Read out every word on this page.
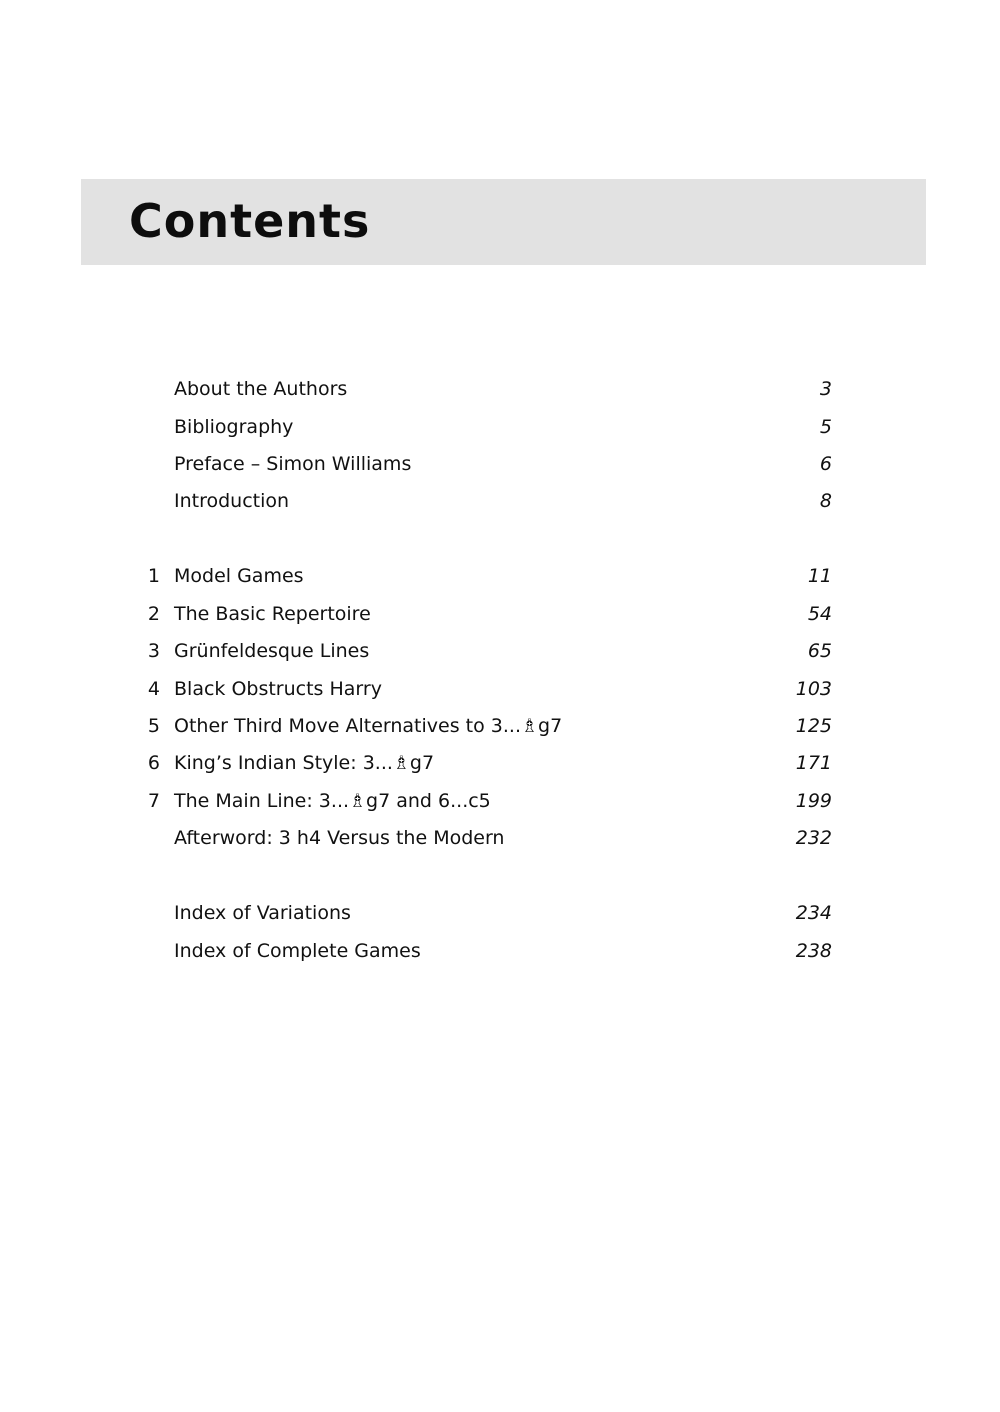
Contents
About the Authors	3
Bibliography	5
Preface – Simon Williams	6
Introduction	8
1 Model Games	11
2 The Basic Repertoire	54
3 Grünfeldesque Lines	65
4 Black Obstructs Harry	103
5 Other Third Move Alternatives to 3...♗g7	125
6 King’s Indian Style: 3...♗g7	171
7 The Main Line: 3...♗g7 and 6...c5	199
Afterword: 3 h4 Versus the Modern	232
Index of Variations	234
Index of Complete Games	238
